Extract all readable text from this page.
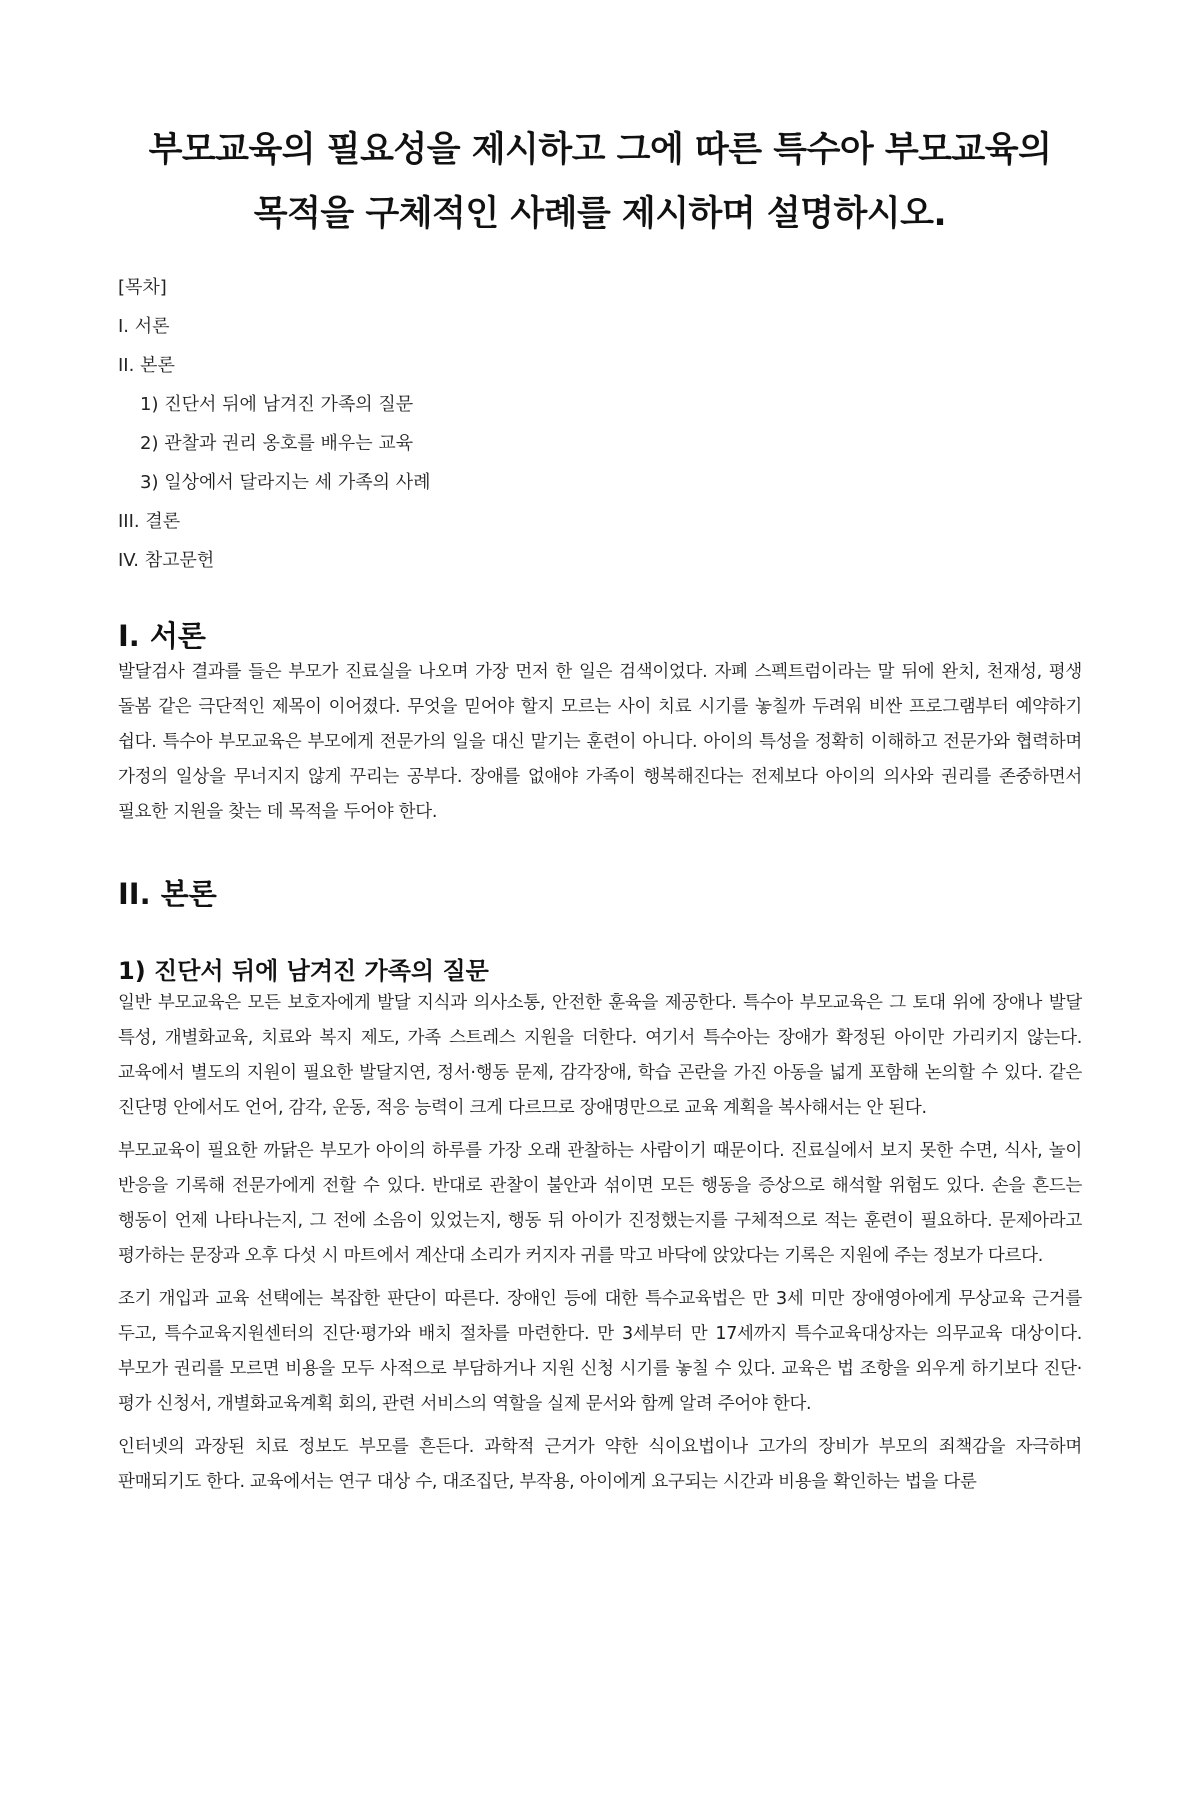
부모교육의 필요성을 제시하고 그에 따른 특수아 부모교육의 목적을 구체적인 사례를 제시하며 설명하시오.
[목차]
I. 서론
II. 본론
1) 진단서 뒤에 남겨진 가족의 질문
2) 관찰과 권리 옹호를 배우는 교육
3) 일상에서 달라지는 세 가족의 사례
III. 결론
IV. 참고문헌
I. 서론

발달검사 결과를 들은 부모가 진료실을 나오며 가장 먼저 한 일은 검색이었다. 자폐 스펙트럼이라는 말 뒤에 완치, 천재성, 평생 돌봄 같은 극단적인 제목이 이어졌다. 무엇을 믿어야 할지 모르는 사이 치료 시기를 놓칠까 두려워 비싼 프로그램부터 예약하기 쉽다. 특수아 부모교육은 부모에게 전문가의 일을 대신 맡기는 훈련이 아니다. 아이의 특성을 정확히 이해하고 전문가와 협력하며 가정의 일상을 무너지지 않게 꾸리는 공부다. 장애를 없애야 가족이 행복해진다는 전제보다 아이의 의사와 권리를 존중하면서 필요한 지원을 찾는 데 목적을 두어야 한다.

II. 본론
1) 진단서 뒤에 남겨진 가족의 질문

일반 부모교육은 모든 보호자에게 발달 지식과 의사소통, 안전한 훈육을 제공한다. 특수아 부모교육은 그 토대 위에 장애나 발달 특성, 개별화교육, 치료와 복지 제도, 가족 스트레스 지원을 더한다. 여기서 특수아는 장애가 확정된 아이만 가리키지 않는다. 교육에서 별도의 지원이 필요한 발달지연, 정서·행동 문제, 감각장애, 학습 곤란을 가진 아동을 넓게 포함해 논의할 수 있다. 같은 진단명 안에서도 언어, 감각, 운동, 적응 능력이 크게 다르므로 장애명만으로 교육 계획을 복사해서는 안 된다.

부모교육이 필요한 까닭은 부모가 아이의 하루를 가장 오래 관찰하는 사람이기 때문이다. 진료실에서 보지 못한 수면, 식사, 놀이 반응을 기록해 전문가에게 전할 수 있다. 반대로 관찰이 불안과 섞이면 모든 행동을 증상으로 해석할 위험도 있다. 손을 흔드는 행동이 언제 나타나는지, 그 전에 소음이 있었는지, 행동 뒤 아이가 진정했는지를 구체적으로 적는 훈련이 필요하다. 문제아라고 평가하는 문장과 오후 다섯 시 마트에서 계산대 소리가 커지자 귀를 막고 바닥에 앉았다는 기록은 지원에 주는 정보가 다르다.

조기 개입과 교육 선택에는 복잡한 판단이 따른다. 장애인 등에 대한 특수교육법은 만 3세 미만 장애영아에게 무상교육 근거를 두고, 특수교육지원센터의 진단·평가와 배치 절차를 마련한다. 만 3세부터 만 17세까지 특수교육대상자는 의무교육 대상이다. 부모가 권리를 모르면 비용을 모두 사적으로 부담하거나 지원 신청 시기를 놓칠 수 있다. 교육은 법 조항을 외우게 하기보다 진단·평가 신청서, 개별화교육계획 회의, 관련 서비스의 역할을 실제 문서와 함께 알려 주어야 한다.

인터넷의 과장된 치료 정보도 부모를 흔든다. 과학적 근거가 약한 식이요법이나 고가의 장비가 부모의 죄책감을 자극하며 판매되기도 한다. 교육에서는 연구 대상 수, 대조집단, 부작용, 아이에게 요구되는 시간과 비용을 확인하는 법을 다룬
